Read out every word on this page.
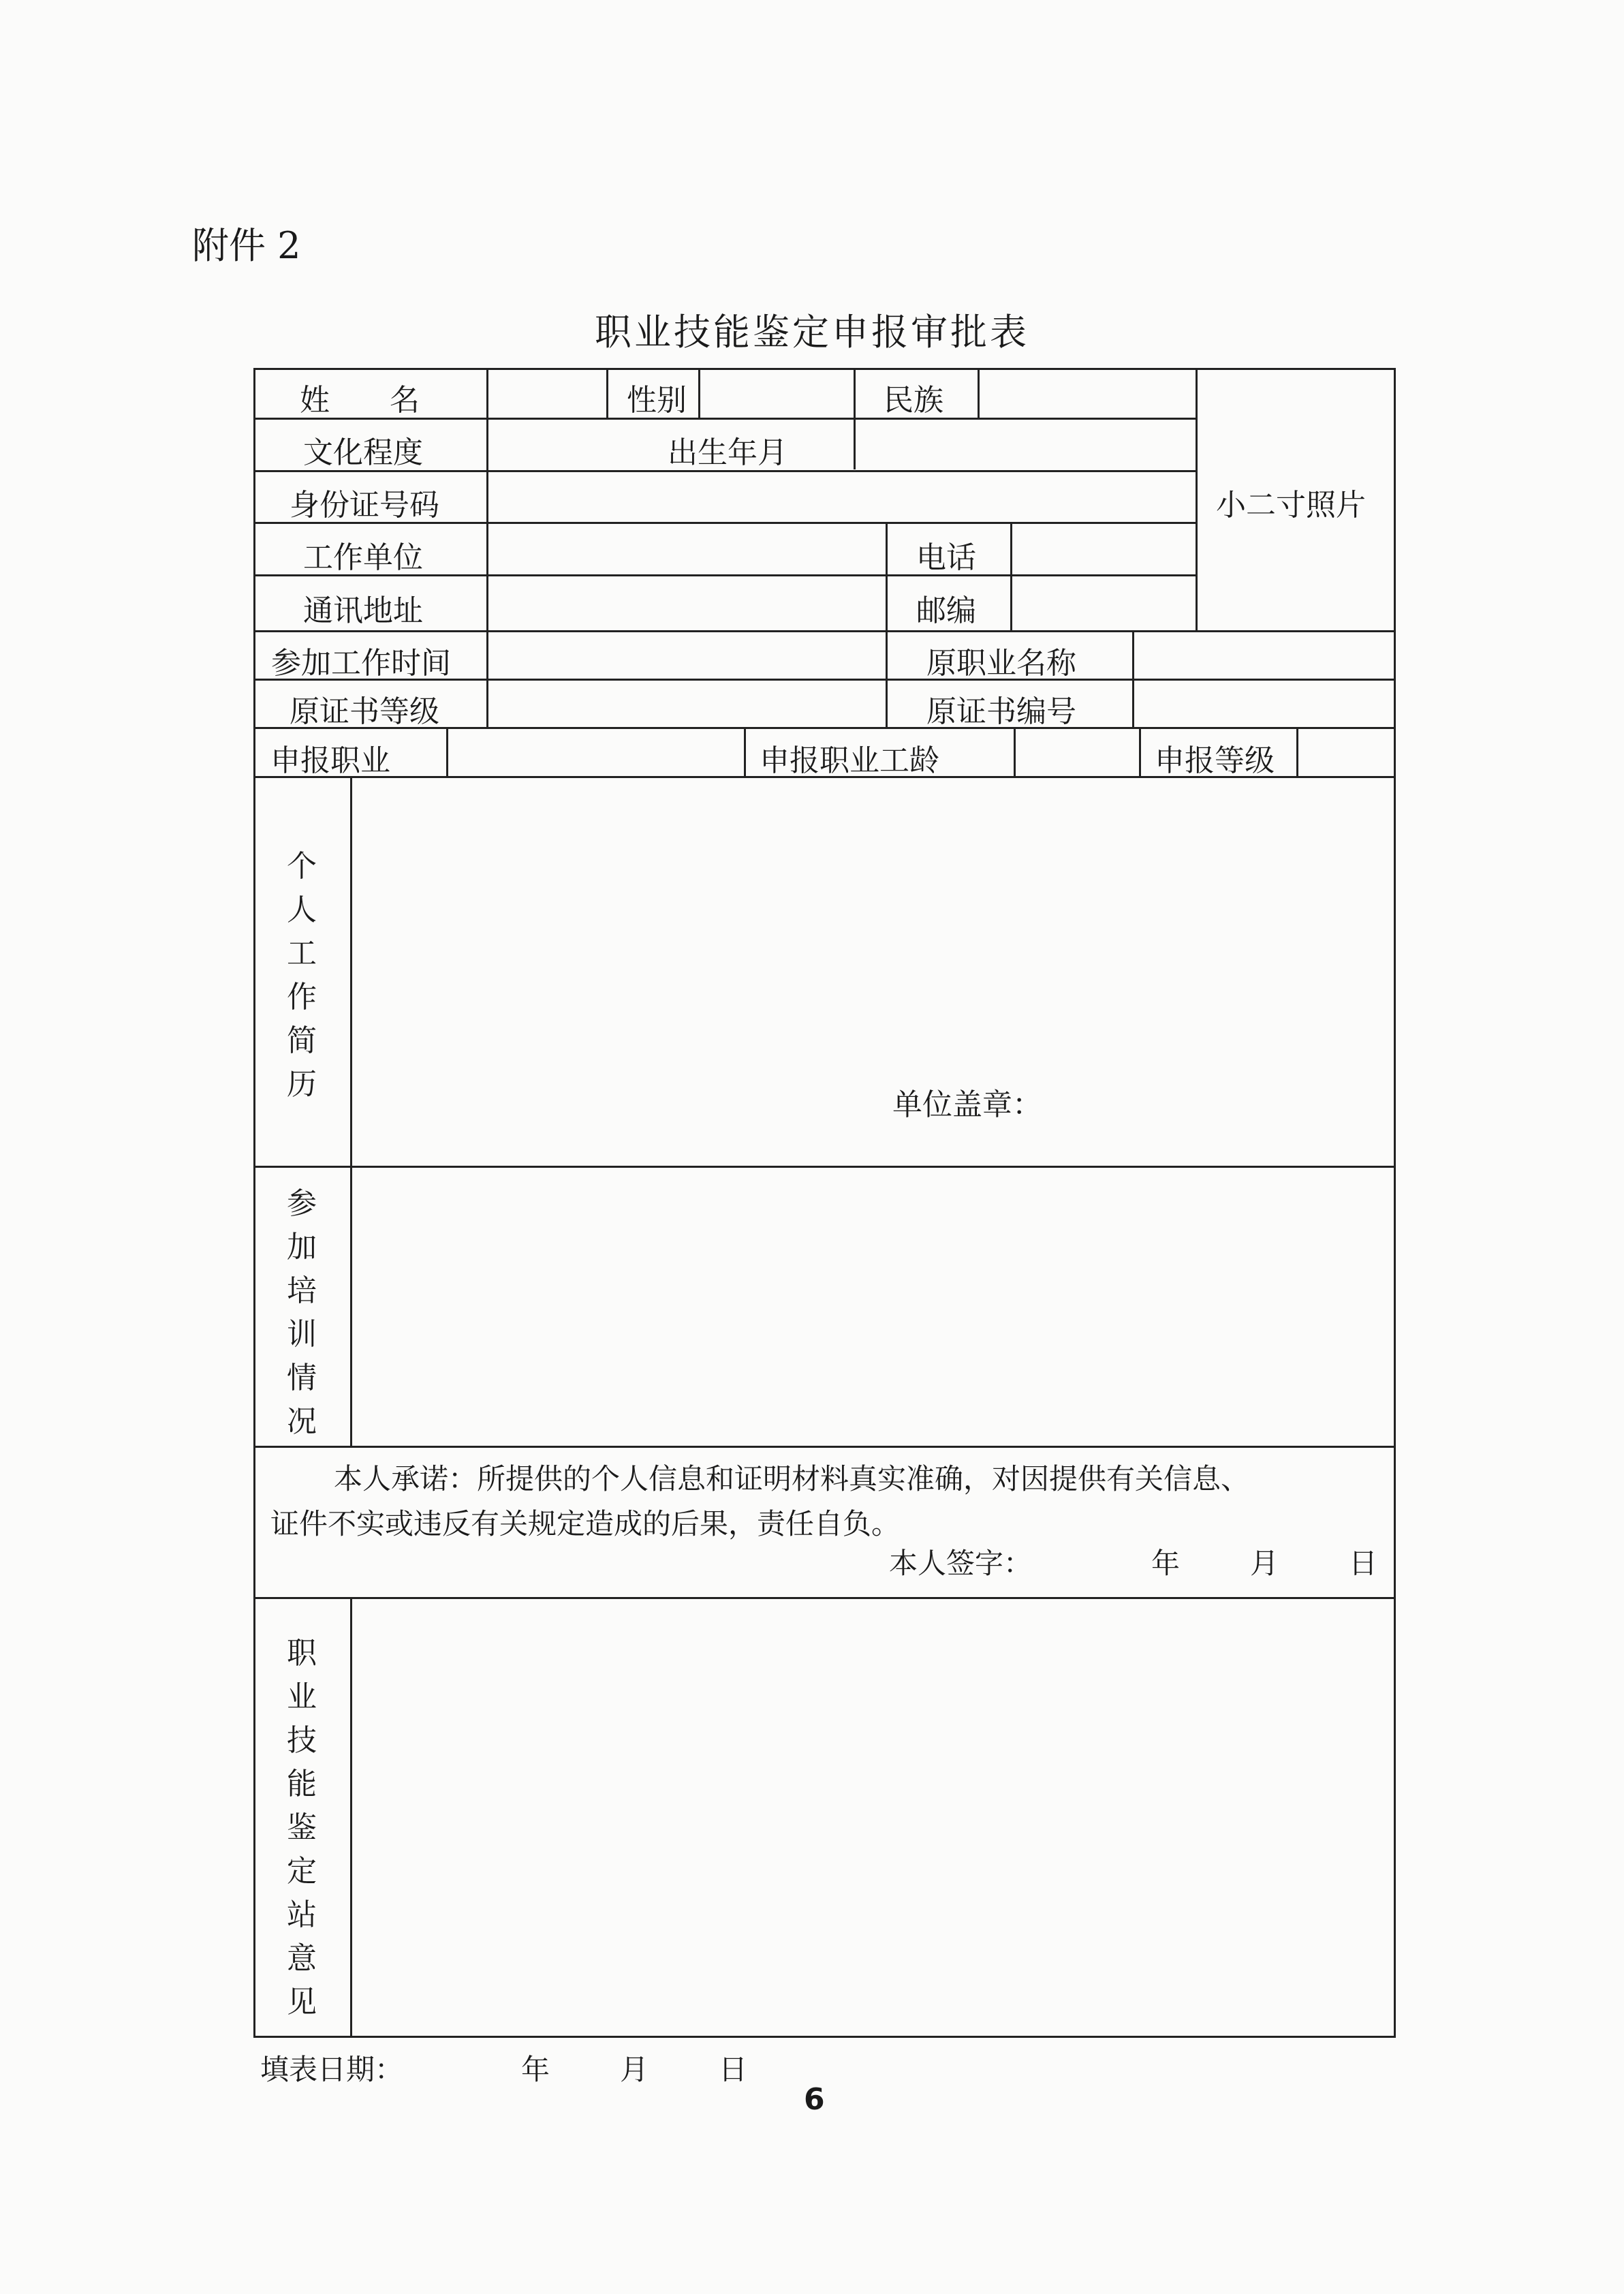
附件 2
职业技能鉴定申报审批表
姓　　名	性别	民族
小二寸照片
文化程度	出生年月
身份证号码
工作单位	电话
通讯地址	邮编
参加工作时间	原职业名称
原证书等级	原证书编号
申报职业	申报职业工龄	申报等级
个
人
工
作
简
历
单位盖章：
参
加
培
训
情
况
本人承诺：所提供的个人信息和证明材料真实准确，对因提供有关信息、
证件不实或违反有关规定造成的后果，责任自负。
本人签字：	年 月 日
职
业
技
能
鉴
定
站
意
见
填表日期：	年 月 日
6
